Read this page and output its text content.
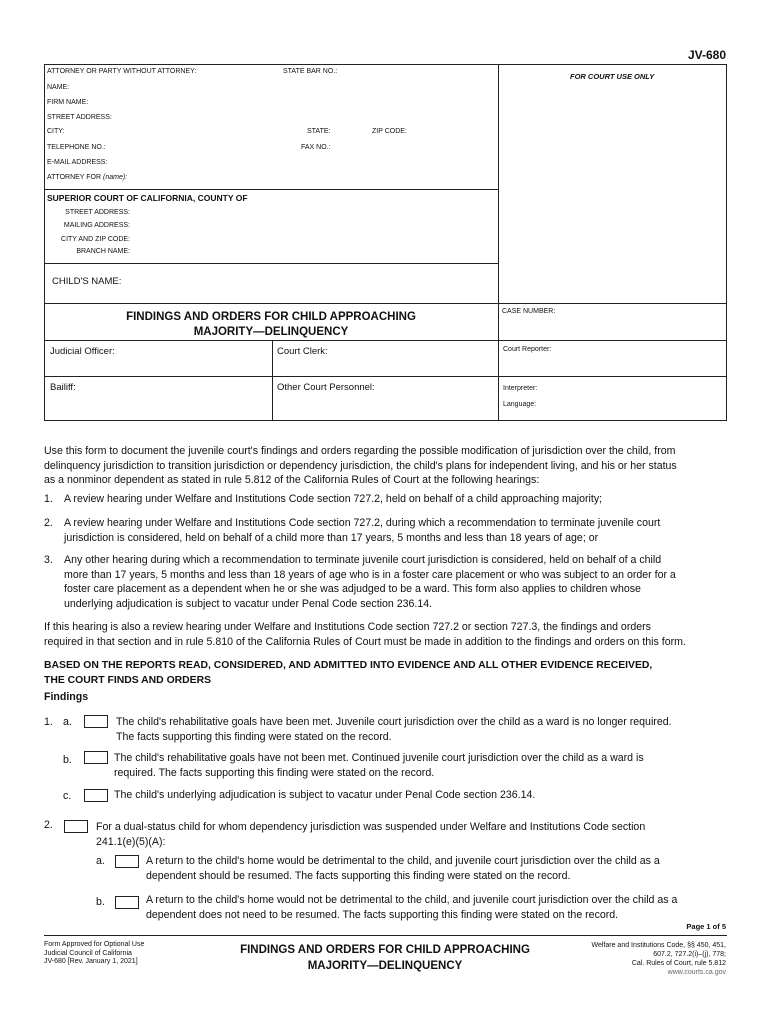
JV-680
ATTORNEY OR PARTY WITHOUT ATTORNEY:	STATE BAR NO.:
NAME:
FIRM NAME:
STREET ADDRESS:
CITY:	STATE:	ZIP CODE:
TELEPHONE NO.:	FAX NO.:
E-MAIL ADDRESS:
ATTORNEY FOR (name):
FOR COURT USE ONLY
SUPERIOR COURT OF CALIFORNIA, COUNTY OF
STREET ADDRESS:
MAILING ADDRESS:
CITY AND ZIP CODE:
BRANCH NAME:
CHILD'S NAME:
FINDINGS AND ORDERS FOR CHILD APPROACHING
MAJORITY—DELINQUENCY
CASE NUMBER:
Judicial Officer:	Court Clerk:	Court Reporter:
Bailiff:	Other Court Personnel:	Interpreter:
Language:
Use this form to document the juvenile court's findings and orders regarding the possible modification of jurisdiction over the child, from
delinquency jurisdiction to transition jurisdiction or dependency jurisdiction, the child's plans for independent living, and his or her status
as a nonminor dependent as stated in rule 5.812 of the California Rules of Court at the following hearings:
1. A review hearing under Welfare and Institutions Code section 727.2, held on behalf of a child approaching majority;
2. A review hearing under Welfare and Institutions Code section 727.2, during which a recommendation to terminate juvenile court
jurisdiction is considered, held on behalf of a child more than 17 years, 5 months and less than 18 years of age; or
3. Any other hearing during which a recommendation to terminate juvenile court jurisdiction is considered, held on behalf of a child
more than 17 years, 5 months and less than 18 years of age who is in a foster care placement or who was subject to an order for a
foster care placement as a dependent when he or she was adjudged to be a ward. This form also applies to children whose
underlying adjudication is subject to vacatur under Penal Code section 236.14.
If this hearing is also a review hearing under Welfare and Institutions Code section 727.2 or section 727.3, the findings and orders
required in that section and in rule 5.810 of the California Rules of Court must be made in addition to the findings and orders on this form.
BASED ON THE REPORTS READ, CONSIDERED, AND ADMITTED INTO EVIDENCE AND ALL OTHER EVIDENCE RECEIVED,
THE COURT FINDS AND ORDERS
Findings
1. a.	The child's rehabilitative goals have been met. Juvenile court jurisdiction over the child as a ward is no longer required.
The facts supporting this finding were stated on the record.
b.	The child's rehabilitative goals have not been met. Continued juvenile court jurisdiction over the child as a ward is
required. The facts supporting this finding were stated on the record.
c.	The child's underlying adjudication is subject to vacatur under Penal Code section 236.14.
2.	For a dual-status child for whom dependency jurisdiction was suspended under Welfare and Institutions Code section
241.1(e)(5)(A):
a.	A return to the child's home would be detrimental to the child, and juvenile court jurisdiction over the child as a
dependent should be resumed. The facts supporting this finding were stated on the record.
b.	A return to the child's home would not be detrimental to the child, and juvenile court jurisdiction over the child as a
dependent does not need to be resumed. The facts supporting this finding were stated on the record.
Page 1 of 5
Form Approved for Optional Use
Judicial Council of California
JV-680 [Rev. January 1, 2021]
FINDINGS AND ORDERS FOR CHILD APPROACHING
MAJORITY—DELINQUENCY
Welfare and Institutions Code, §§ 450, 451,
607.2, 727.2(i)–(j), 778;
Cal. Rules of Court, rule 5.812
www.courts.ca.gov
